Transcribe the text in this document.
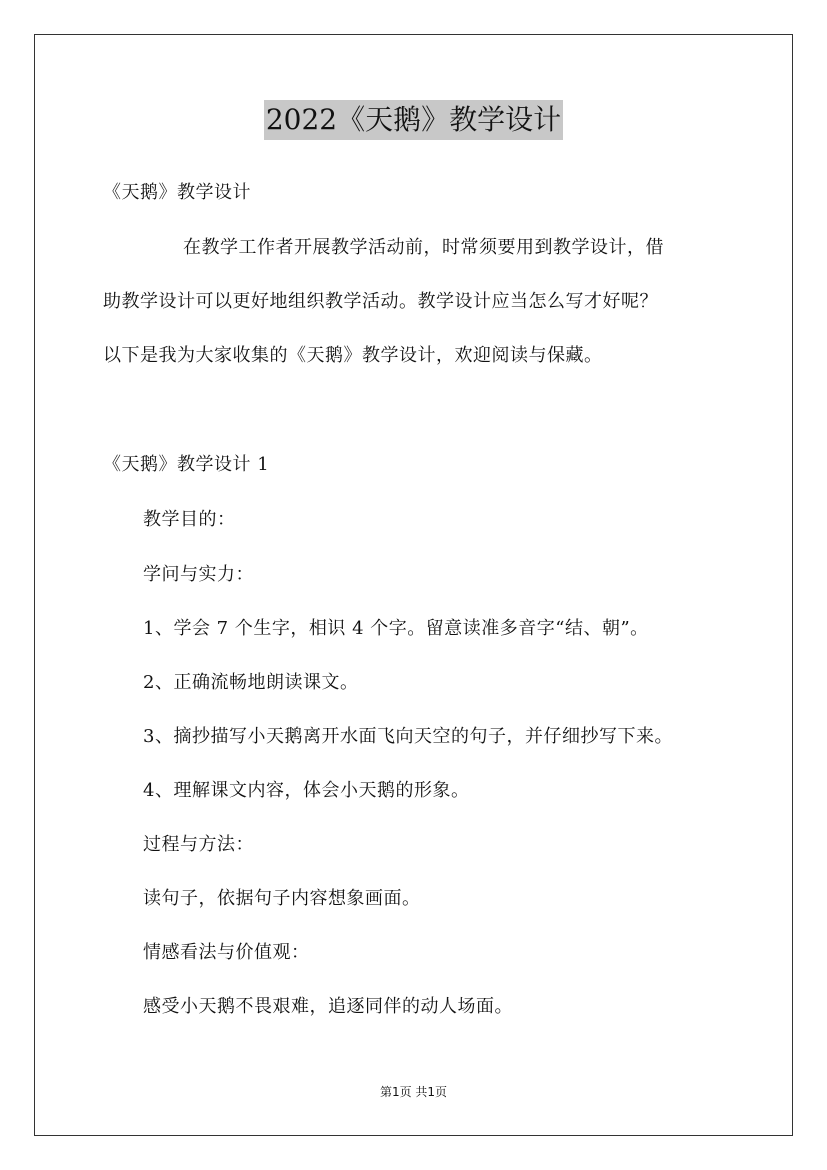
2022《天鹅》教学设计
《天鹅》教学设计
在教学工作者开展教学活动前，时常须要用到教学设计，借
助教学设计可以更好地组织教学活动。教学设计应当怎么写才好呢？
以下是我为大家收集的《天鹅》教学设计，欢迎阅读与保藏。
《天鹅》教学设计 1
教学目的：
学问与实力：
1、学会 7 个生字，相识 4 个字。留意读准多音字“结、朝”。
2、正确流畅地朗读课文。
3、摘抄描写小天鹅离开水面飞向天空的句子，并仔细抄写下来。
4、理解课文内容，体会小天鹅的形象。
过程与方法：
读句子，依据句子内容想象画面。
情感看法与价值观：
感受小天鹅不畏艰难，追逐同伴的动人场面。
第1页 共1页
